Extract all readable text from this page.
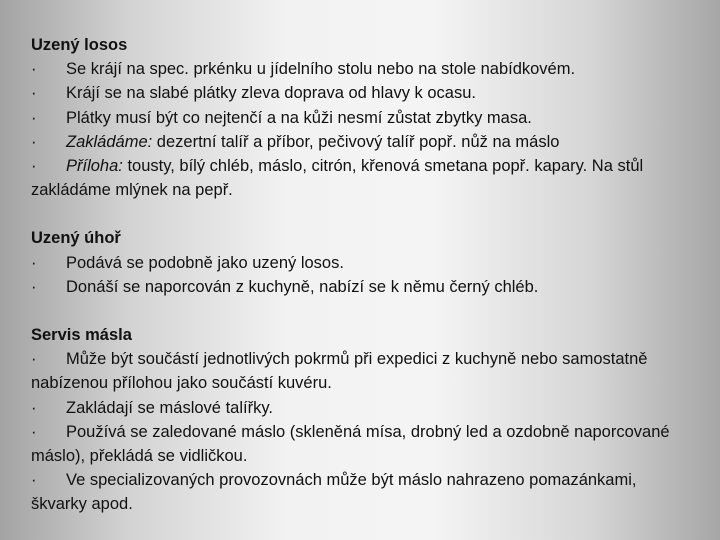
Uzený losos
· Se krájí na spec. prkénku u jídelního stolu nebo na stole nabídkovém.
· Krájí se na slabé plátky zleva doprava od hlavy k ocasu.
· Plátky musí být co nejtenčí a na kůži nesmí zůstat zbytky masa.
· Zakládáme: dezertní talíř a příbor, pečivový talíř popř. nůž na máslo
· Příloha: tousty, bílý chléb, máslo, citrón, křenová smetana popř. kapary. Na stůl zakládáme mlýnek na pepř.
Uzený úhoř
· Podává se podobně jako uzený losos.
· Donáší se naporcován z kuchyně, nabízí se k němu černý chléb.
Servis másla
· Může být součástí jednotlivých pokrmů při expedici z kuchyně nebo samostatně nabízenou přílohou jako součástí kuvéru.
· Zakládají se máslové talířky.
· Používá se zaledované máslo (skleněná mísa, drobný led a ozdobně naporcované máslo), překládá se vidličkou.
· Ve specializovaných provozovnách může být máslo nahrazeno pomazánkami, škvarky apod.
